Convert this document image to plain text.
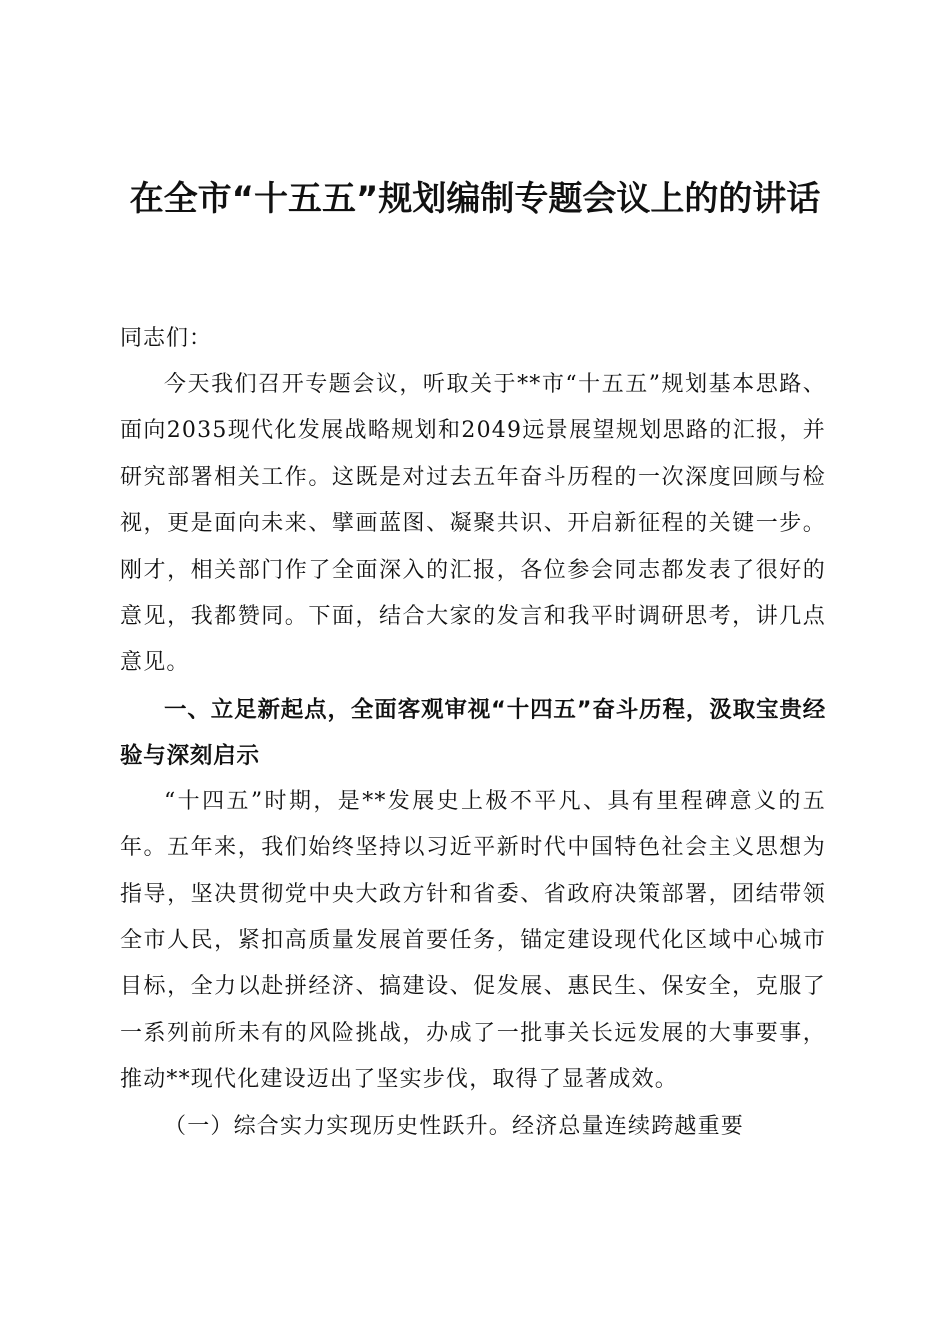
在全市“十五五”规划编制专题会议上的的讲话

同志们：

今天我们召开专题会议，听取关于**市“十五五”规划基本思路、面向2035现代化发展战略规划和2049远景展望规划思路的汇报，并研究部署相关工作。这既是对过去五年奋斗历程的一次深度回顾与检视，更是面向未来、擘画蓝图、凝聚共识、开启新征程的关键一步。刚才，相关部门作了全面深入的汇报，各位参会同志都发表了很好的意见，我都赞同。下面，结合大家的发言和我平时调研思考，讲几点意见。

一、立足新起点，全面客观审视“十四五”奋斗历程，汲取宝贵经验与深刻启示

“十四五”时期，是**发展史上极不平凡、具有里程碑意义的五年。五年来，我们始终坚持以习近平新时代中国特色社会主义思想为指导，坚决贯彻党中央大政方针和省委、省政府决策部署，团结带领全市人民，紧扣高质量发展首要任务，锚定建设现代化区域中心城市目标，全力以赴拼经济、搞建设、促发展、惠民生、保安全，克服了一系列前所未有的风险挑战，办成了一批事关长远发展的大事要事，推动**现代化建设迈出了坚实步伐，取得了显著成效。

（一）综合实力实现历史性跃升。经济总量连续跨越重要
